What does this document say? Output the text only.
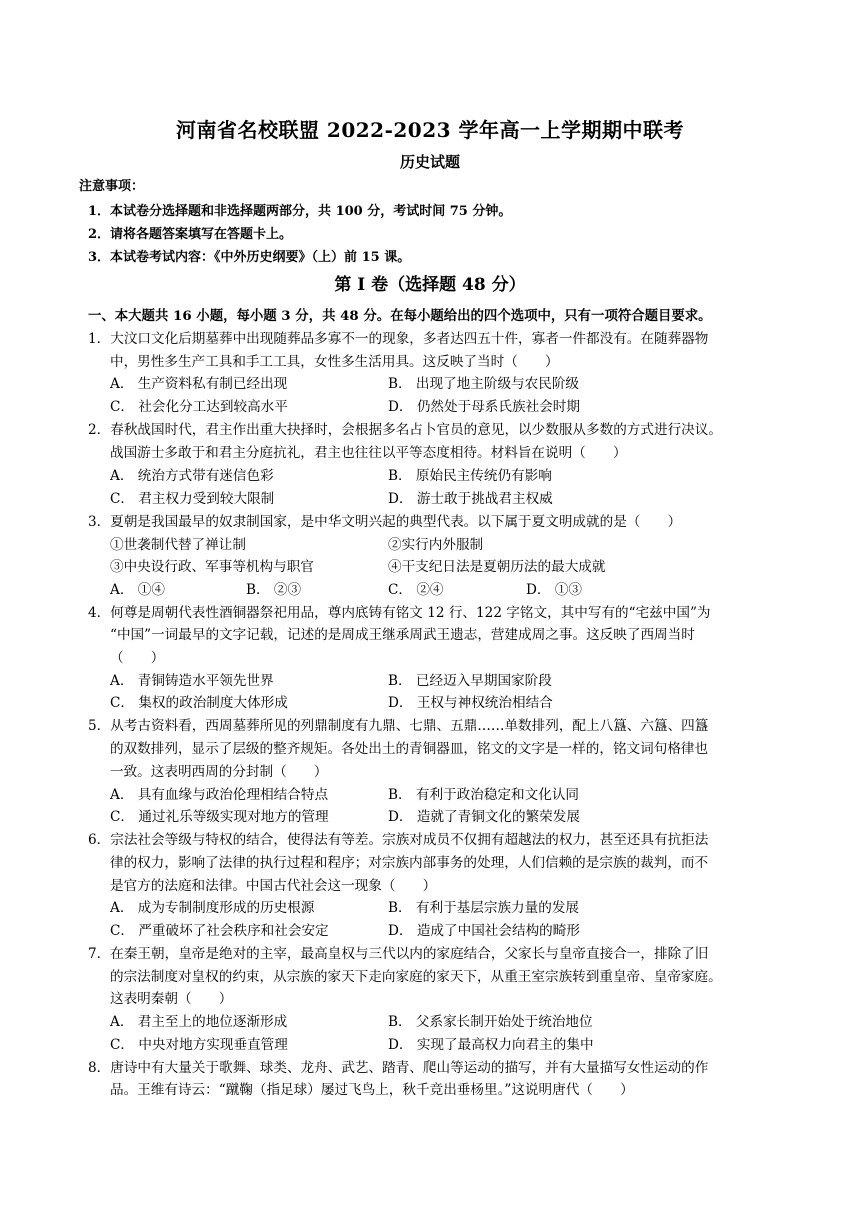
河南省名校联盟 2022-2023 学年高一上学期期中联考
历史试题
注意事项：
1．本试卷分选择题和非选择题两部分，共 100 分，考试时间 75 分钟。
2．请将各题答案填写在答题卡上。
3．本试卷考试内容：《中外历史纲要》（上）前 15 课。
第 I 卷（选择题 48 分）
一、本大题共 16 小题，每小题 3 分，共 48 分。在每小题给出的四个选项中，只有一项符合题目要求。
1．大汶口文化后期墓葬中出现随葬品多寡不一的现象，多者达四五十件，寡者一件都没有。在随葬器物
中，男性多生产工具和手工工具，女性多生活用具。这反映了当时（　　）
A． 生产资料私有制已经出现	B． 出现了地主阶级与农民阶级
C． 社会化分工达到较高水平	D． 仍然处于母系氏族社会时期
2．春秋战国时代，君主作出重大抉择时，会根据多名占卜官员的意见，以少数服从多数的方式进行决议。
战国游士多敢于和君主分庭抗礼，君主也往往以平等态度相待。材料旨在说明（　　）
A． 统治方式带有迷信色彩	B． 原始民主传统仍有影响
C． 君主权力受到较大限制	D． 游士敢于挑战君主权威
3．夏朝是我国最早的奴隶制国家，是中华文明兴起的典型代表。以下属于夏文明成就的是（　　）
①世袭制代替了禅让制	②实行内外服制
③中央设行政、军事等机构与职官	④干支纪日法是夏朝历法的最大成就
A． ①④	B． ②③	C． ②④	D． ①③
4．何尊是周朝代表性酒铜器祭祀用品，尊内底铸有铭文 12 行、122 字铭文，其中写有的“宅兹中国”为
“中国”一词最早的文字记载，记述的是周成王继承周武王遗志，营建成周之事。这反映了西周当时
（　　）
A． 青铜铸造水平领先世界	B． 已经迈入早期国家阶段
C． 集权的政治制度大体形成	D． 王权与神权统治相结合
5．从考古资料看，西周墓葬所见的列鼎制度有九鼎、七鼎、五鼎……单数排列，配上八簋、六簋、四簋
的双数排列，显示了层级的整齐规矩。各处出土的青铜器皿，铭文的文字是一样的，铭文词句格律也
一致。这表明西周的分封制（　　）
A． 具有血缘与政治伦理相结合特点	B． 有利于政治稳定和文化认同
C． 通过礼乐等级实现对地方的管理	D． 造就了青铜文化的繁荣发展
6．宗法社会等级与特权的结合，使得法有等差。宗族对成员不仅拥有超越法的权力，甚至还具有抗拒法
律的权力，影响了法律的执行过程和程序；对宗族内部事务的处理，人们信赖的是宗族的裁判，而不
是官方的法庭和法律。中国古代社会这一现象（　　）
A． 成为专制制度形成的历史根源	B． 有利于基层宗族力量的发展
C． 严重破坏了社会秩序和社会安定	D． 造成了中国社会结构的畸形
7．在秦王朝，皇帝是绝对的主宰，最高皇权与三代以内的家庭结合，父家长与皇帝直接合一，排除了旧
的宗法制度对皇权的约束，从宗族的家天下走向家庭的家天下，从重王室宗族转到重皇帝、皇帝家庭。
这表明秦朝（　　）
A． 君主至上的地位逐渐形成	B． 父系家长制开始处于统治地位
C． 中央对地方实现垂直管理	D． 实现了最高权力向君主的集中
8．唐诗中有大量关于歌舞、球类、龙舟、武艺、踏青、爬山等运动的描写，并有大量描写女性运动的作
品。王维有诗云：“蹴鞠（指足球）屡过飞鸟上，秋千竞出垂杨里。”这说明唐代（　　）
